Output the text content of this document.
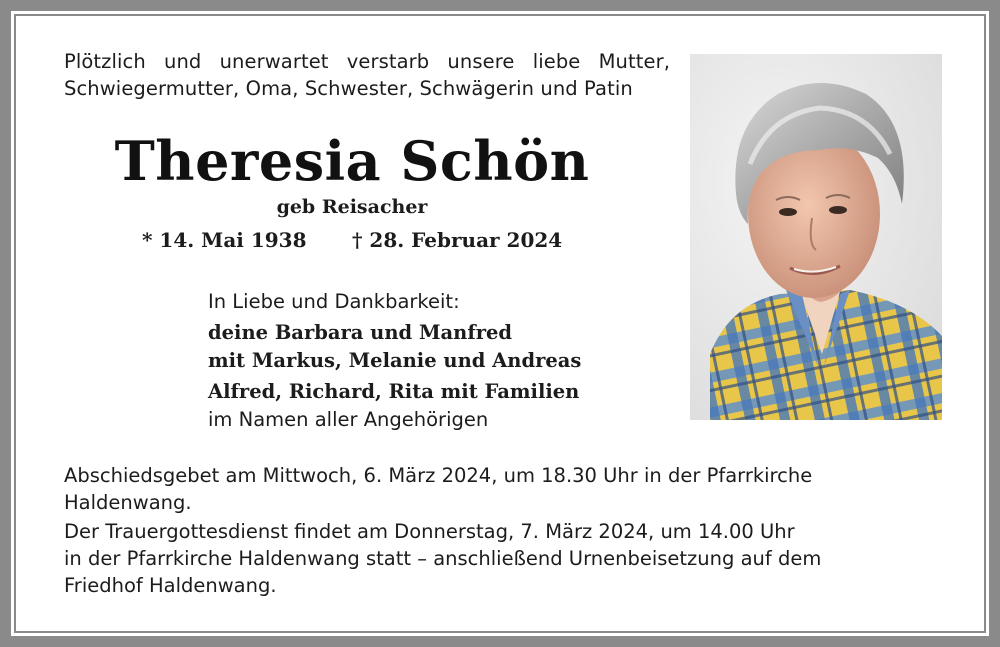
Plötzlich und unerwartet verstarb unsere liebe Mutter,
Schwiegermutter, Oma, Schwester, Schwägerin und Patin
Theresia Schön
geb Reisacher
* 14. Mai 1938 † 28. Februar 2024
In Liebe und Dankbarkeit:
deine Barbara und Manfred
mit Markus, Melanie und Andreas
Alfred, Richard, Rita mit Familien
im Namen aller Angehörigen
Abschiedsgebet am Mittwoch, 6. März 2024, um 18.30 Uhr in der Pfarrkirche
Haldenwang.
Der Trauergottesdienst findet am Donnerstag, 7. März 2024, um 14.00 Uhr
in der Pfarrkirche Haldenwang statt – anschließend Urnenbeisetzung auf dem
Friedhof Haldenwang.
